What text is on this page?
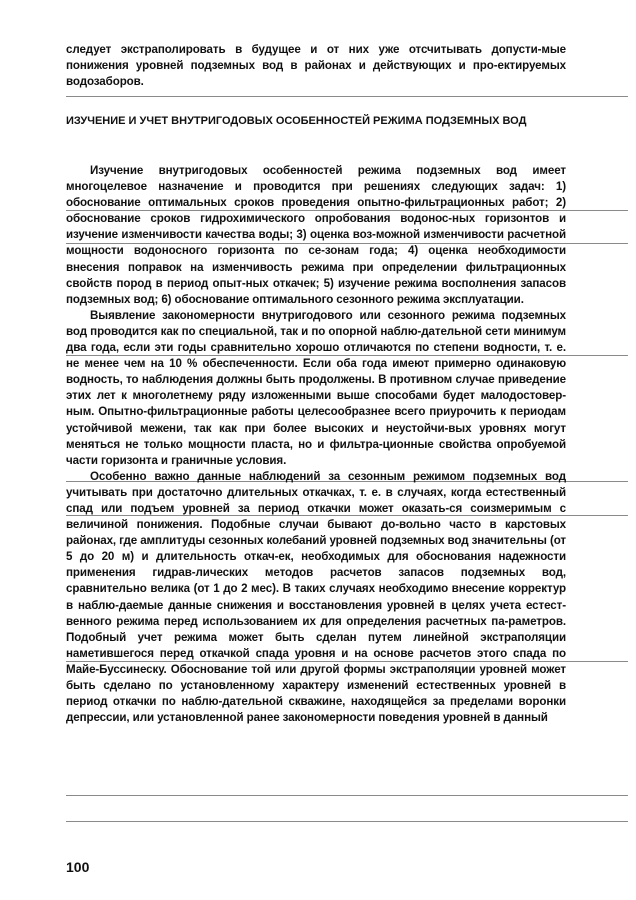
следует экстраполировать в будущее и от них уже отсчитывать допусти-мые понижения уровней подземных вод в районах и действующих и про-ектируемых водозаборов.

ИЗУЧЕНИЕ И УЧЕТ ВНУТРИГОДОВЫХ ОСОБЕННОСТЕЙ РЕЖИМА ПОДЗЕМНЫХ ВОД

Изучение внутригодовых особенностей режима подземных вод имеет многоцелевое назначение и проводится при решениях следующих задач: 1) обоснование оптимальных сроков проведения опытно-фильтрационных работ; 2) обоснование сроков гидрохимического опробования водонос-ных горизонтов и изучение изменчивости качества воды; 3) оценка воз-можной изменчивости расчетной мощности водоносного горизонта по се-зонам года; 4) оценка необходимости внесения поправок на изменчивость режима при определении фильтрационных свойств пород в период опыт-ных откачек; 5) изучение режима восполнения запасов подземных вод; 6) обоснование оптимального сезонного режима эксплуатации.

Выявление закономерности внутригодового или сезонного режима подземных вод проводится как по специальной, так и по опорной наблю-дательной сети минимум два года, если эти годы сравнительно хорошо отличаются по степени водности, т. е. не менее чем на 10 % обеспеченности. Если оба года имеют примерно одинаковую водность, то наблюдения должны быть продолжены. В противном случае приведение этих лет к многолетнему ряду изложенными выше способами будет малодостовер-ным. Опытно-фильтрационные работы целесообразнее всего приурочить к периодам устойчивой межени, так как при более высоких и неустойчи-вых уровнях могут меняться не только мощности пласта, но и фильтра-ционные свойства опробуемой части горизонта и граничные условия.

Особенно важно данные наблюдений за сезонным режимом подземных вод учитывать при достаточно длительных откачках, т. е. в случаях, когда естественный спад или подъем уровней за период откачки может оказать-ся соизмеримым с величиной понижения. Подобные случаи бывают до-вольно часто в карстовых районах, где амплитуды сезонных колебаний уровней подземных вод значительны (от 5 до 20 м) и длительность откач-ек, необходимых для обоснования надежности применения гидрав-лических методов расчетов запасов подземных вод, сравнительно велика (от 1 до 2 мес). В таких случаях необходимо внесение корректур в наблю-даемые данные снижения и восстановления уровней в целях учета естест-венного режима перед использованием их для определения расчетных па-раметров. Подобный учет режима может быть сделан путем линейной экстраполяции наметившегося перед откачкой спада уровня и на основе расчетов этого спада по Майе-Буссинеску. Обоснование той или другой формы экстраполяции уровней может быть сделано по установленному характеру изменений естественных уровней в период откачки по наблю-дательной скважине, находящейся за пределами воронки депрессии, или установленной ранее закономерности поведения уровней в данный

100
